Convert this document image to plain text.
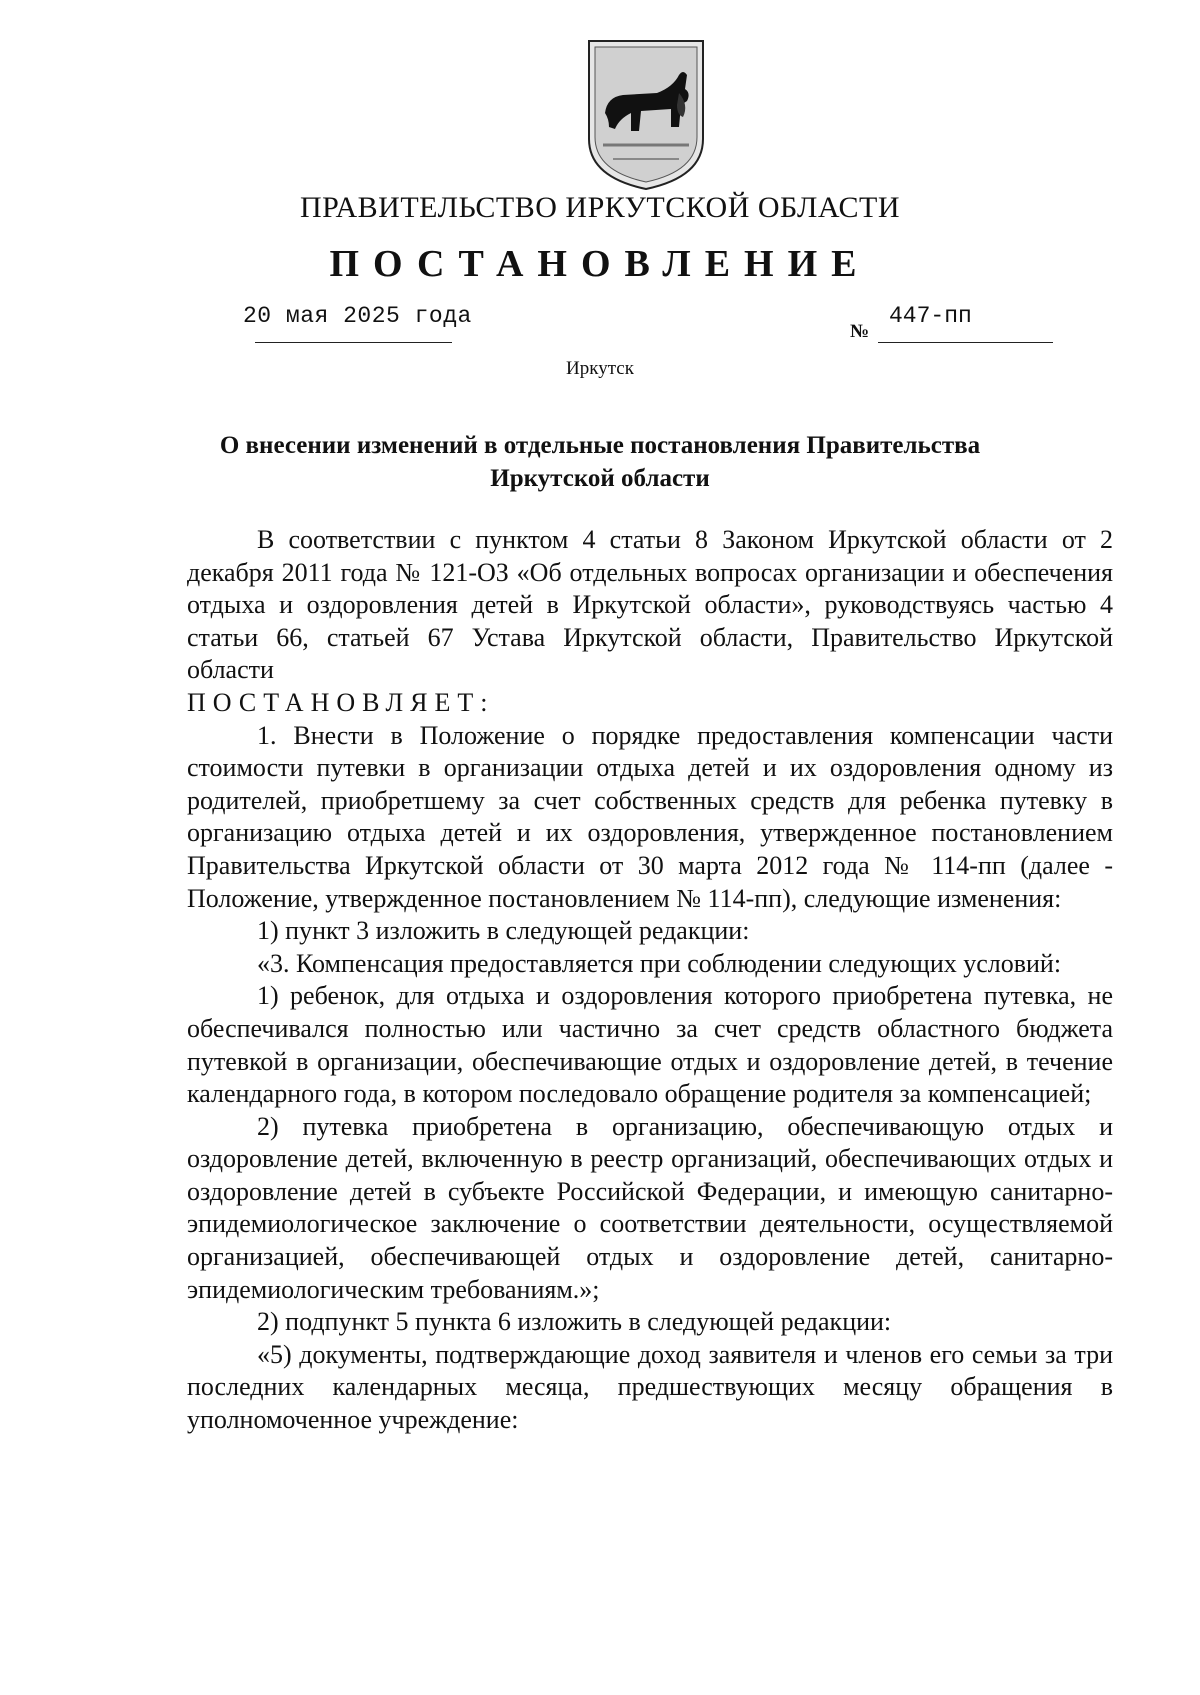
ПРАВИТЕЛЬСТВО ИРКУТСКОЙ ОБЛАСТИ
ПОСТАНОВЛЕНИЕ
20 мая 2025 года
№
447-пп
Иркутск
О внесении изменений в отдельные постановления Правительства Иркутской области

В соответствии с пунктом 4 статьи 8 Законом Иркутской области от 2 декабря 2011 года № 121-ОЗ «Об отдельных вопросах организации и обеспечения отдыха и оздоровления детей в Иркутской области», руководствуясь частью 4 статьи 66, статьей 67 Устава Иркутской области, Правительство Иркутской области

ПОСТАНОВЛЯЕТ:

1. Внести в Положение о порядке предоставления компенсации части стоимости путевки в организации отдыха детей и их оздоровления одному из родителей, приобретшему за счет собственных средств для ребенка путевку в организацию отдыха детей и их оздоровления, утвержденное постановлением Правительства Иркутской области от 30 марта 2012 года № 114-пп (далее - Положение, утвержденное постановлением № 114-пп), следующие изменения:

1) пункт 3 изложить в следующей редакции:

«3. Компенсация предоставляется при соблюдении следующих условий:

1) ребенок, для отдыха и оздоровления которого приобретена путевка, не обеспечивался полностью или частично за счет средств областного бюджета путевкой в организации, обеспечивающие отдых и оздоровление детей, в течение календарного года, в котором последовало обращение родителя за компенсацией;

2) путевка приобретена в организацию, обеспечивающую отдых и оздоровление детей, включенную в реестр организаций, обеспечивающих отдых и оздоровление детей в субъекте Российской Федерации, и имеющую санитарно-эпидемиологическое заключение о соответствии деятельности, осуществляемой организацией, обеспечивающей отдых и оздоровление детей, санитарно-эпидемиологическим требованиям.»;

2) подпункт 5 пункта 6 изложить в следующей редакции:

«5) документы, подтверждающие доход заявителя и членов его семьи за три последних календарных месяца, предшествующих месяцу обращения в уполномоченное учреждение:
